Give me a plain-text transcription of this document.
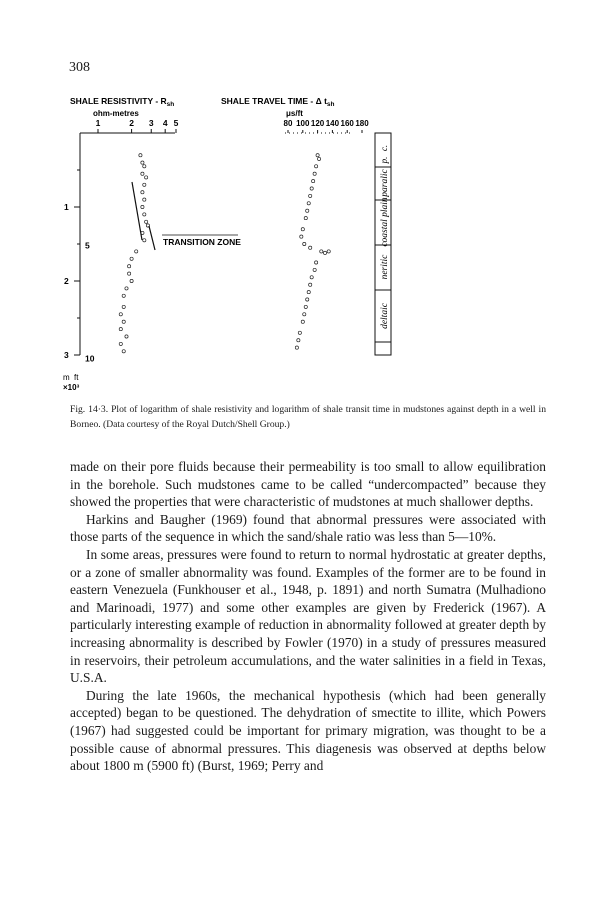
308
SHALE RESISTIVITY - $R_{sh}$
ohm-metres
SHALE TRAVEL TIME - Δ $t_{sh}$
μs/ft
1	2 3 4 5	80 100 120 140 160 180
1
2
3
5
10
TRANSITION ZONE
c.
p.
paralic
coastal plain
neritic
deltaic
m ft
×10³
Fig. 14·3. Plot of logarithm of shale resistivity and logarithm of shale transit time in mudstones against depth in a well in Borneo. (Data courtesy of the Royal Dutch/Shell Group.)

made on their pore fluids because their permeability is too small to allow equilibration in the borehole. Such mudstones came to be called “undercompacted” because they showed the properties that were characteristic of mudstones at much shallower depths.

Harkins and Baugher (1969) found that abnormal pressures were associated with those parts of the sequence in which the sand/shale ratio was less than 5—10%.

In some areas, pressures were found to return to normal hydrostatic at greater depths, or a zone of smaller abnormality was found. Examples of the former are to be found in eastern Venezuela (Funkhouser et al., 1948, p. 1891) and north Sumatra (Mulhadiono and Marinoadi, 1977) and some other examples are given by Frederick (1967). A particularly interesting example of reduction in abnormality followed at greater depth by increasing abnormality is described by Fowler (1970) in a study of pressures measured in reservoirs, their petroleum accumulations, and the water salinities in a field in Texas, U.S.A.

During the late 1960s, the mechanical hypothesis (which had been generally accepted) began to be questioned. The dehydration of smectite to illite, which Powers (1967) had suggested could be important for primary migration, was thought to be a possible cause of abnormal pressures. This diagenesis was observed at depths below about 1800 m (5900 ft) (Burst, 1969; Perry and
